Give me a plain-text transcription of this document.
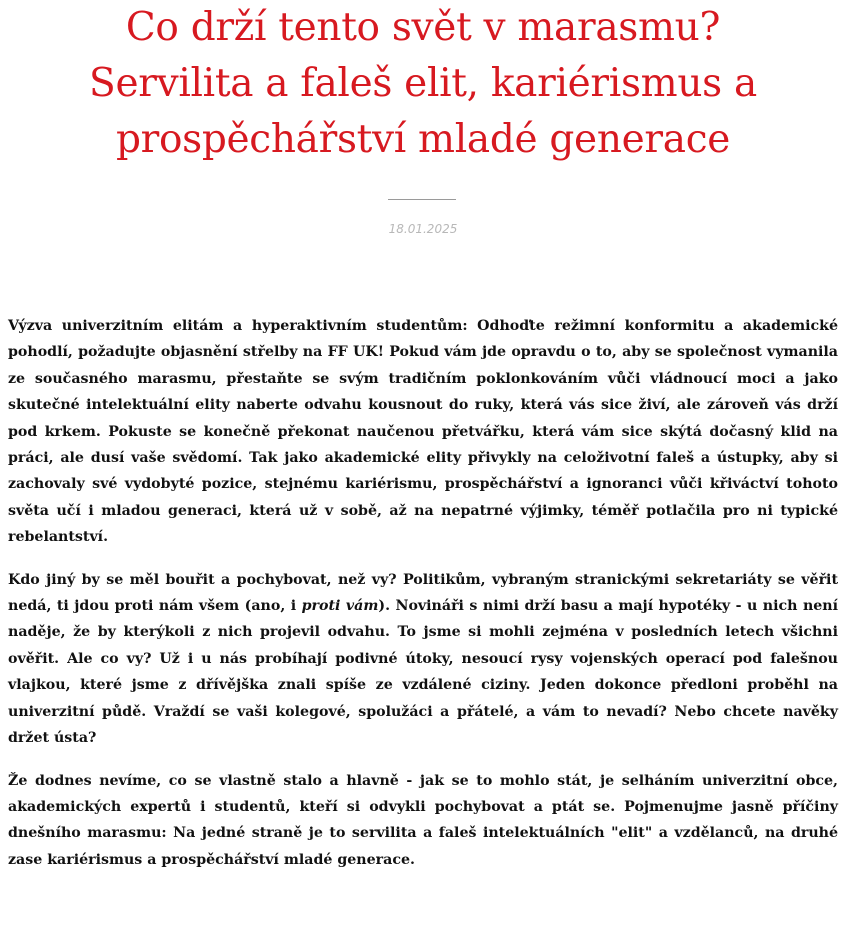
Co drží tento svět v marasmu?
Servilita a faleš elit, kariérismus a
prospěchářství mladé generace
18.01.2025

Výzva univerzitním elitám a hyperaktivním studentům: Odhoďte režimní konformitu a akademické pohodlí, požadujte objasnění střelby na FF UK! Pokud vám jde opravdu o to, aby se společnost vymanila ze současného marasmu, přestaňte se svým tradičním poklonkováním vůči vládnoucí moci a jako skutečné intelektuální elity naberte odvahu kousnout do ruky, která vás sice živí, ale zároveň vás drží pod krkem. Pokuste se konečně překonat naučenou přetvářku, která vám sice skýtá dočasný klid na práci, ale dusí vaše svědomí. Tak jako akademické elity přivykly na celoživotní faleš a ústupky, aby si zachovaly své vydobyté pozice, stejnému kariérismu, prospěchářství a ignoranci vůči křiváctví tohoto světa učí i mladou generaci, která už v sobě, až na nepatrné výjimky, téměř potlačila pro ni typické rebelantství.

Kdo jiný by se měl bouřit a pochybovat, než vy? Politikům, vybraným stranickými sekretariáty se věřit nedá, ti jdou proti nám všem (ano, i proti vám). Novináři s nimi drží basu a mají hypotéky - u nich není naděje, že by kterýkoli z nich projevil odvahu. To jsme si mohli zejména v posledních letech všichni ověřit. Ale co vy? Už i u nás probíhají podivné útoky, nesoucí rysy vojenských operací pod falešnou vlajkou, které jsme z dřívějška znali spíše ze vzdálené ciziny. Jeden dokonce předloni proběhl na univerzitní půdě. Vraždí se vaši kolegové, spolužáci a přátelé, a vám to nevadí? Nebo chcete navěky držet ústa?

Že dodnes nevíme, co se vlastně stalo a hlavně - jak se to mohlo stát, je selháním univerzitní obce, akademických expertů i studentů, kteří si odvykli pochybovat a ptát se. Pojmenujme jasně příčiny dnešního marasmu: Na jedné straně je to servilita a faleš intelektuálních "elit" a vzdělanců, na druhé zase kariérismus a prospěchářství mladé generace.
